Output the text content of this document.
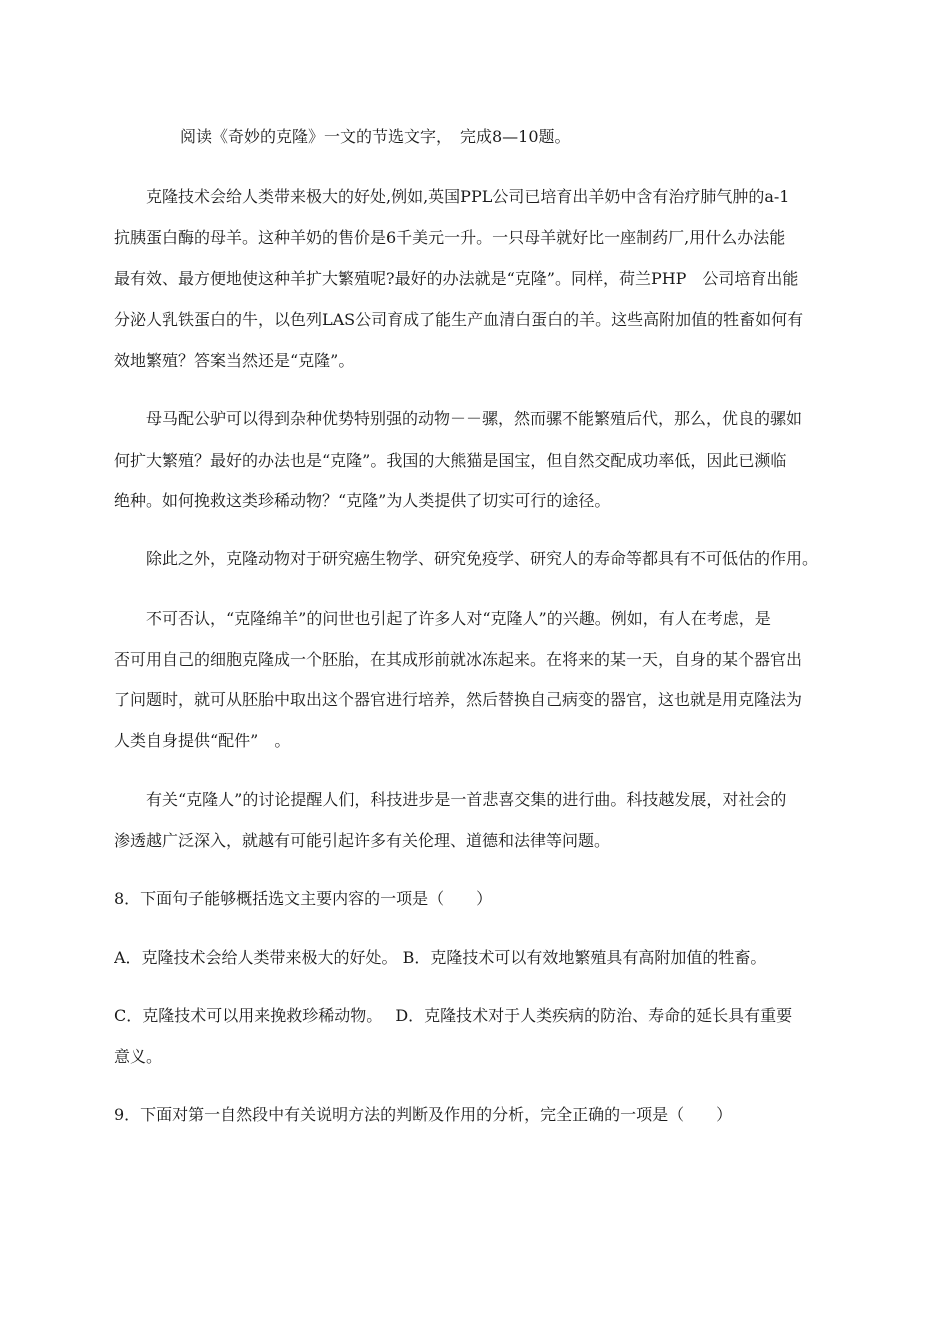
阅读《奇妙的克隆》一文的节选文字，　完成8—10题。
克隆技术会给人类带来极大的好处,例如,英国PPL公司已培育出羊奶中含有治疗肺气肿的a-1
抗胰蛋白酶的母羊。这种羊奶的售价是6千美元一升。一只母羊就好比一座制药厂,用什么办法能
最有效、最方便地使这种羊扩大繁殖呢?最好的办法就是“克隆”。同样，荷兰PHP　公司培育出能
分泌人乳铁蛋白的牛，以色列LAS公司育成了能生产血清白蛋白的羊。这些高附加值的牲畜如何有
效地繁殖？答案当然还是“克隆”。
母马配公驴可以得到杂种优势特别强的动物－－骡，然而骡不能繁殖后代，那么，优良的骡如
何扩大繁殖？最好的办法也是“克隆”。我国的大熊猫是国宝，但自然交配成功率低，因此已濒临
绝种。如何挽救这类珍稀动物？“克隆”为人类提供了切实可行的途径。
除此之外，克隆动物对于研究癌生物学、研究免疫学、研究人的寿命等都具有不可低估的作用。
不可否认，“克隆绵羊”的问世也引起了许多人对“克隆人”的兴趣。例如，有人在考虑，是
否可用自己的细胞克隆成一个胚胎，在其成形前就冰冻起来。在将来的某一天，自身的某个器官出
了问题时，就可从胚胎中取出这个器官进行培养，然后替换自己病变的器官，这也就是用克隆法为
人类自身提供“配件”　。
有关“克隆人”的讨论提醒人们，科技进步是一首悲喜交集的进行曲。科技越发展，对社会的
渗透越广泛深入，就越有可能引起许多有关伦理、道德和法律等问题。
8．下面句子能够概括选文主要内容的一项是（　　）
A．克隆技术会给人类带来极大的好处。 B．克隆技术可以有效地繁殖具有高附加值的牲畜。
C．克隆技术可以用来挽救珍稀动物。　 D．克隆技术对于人类疾病的防治、寿命的延长具有重要
意义。
9．下面对第一自然段中有关说明方法的判断及作用的分析，完全正确的一项是（　　）
